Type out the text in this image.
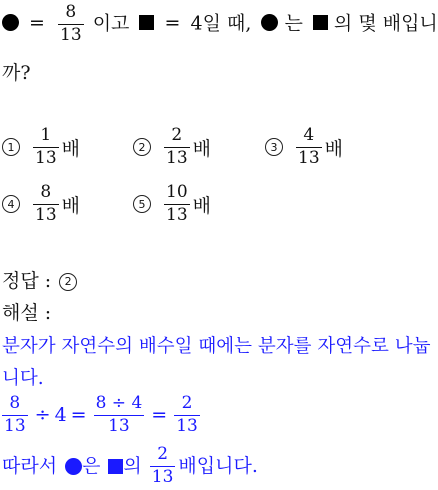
= $\frac{8}{13}$ 이고 = 4일 때, 는 의 몇 배입니
까?
1	$\frac{1}{13}$ 배	2	$\frac{2}{13}$ 배	3	$\frac{4}{13}$ 배
4	$\frac{8}{13}$ 배	5	$\frac{10}{13}$ 배
정답 :	2
해설 :
분자가 자연수의 배수일 때에는 분자를 자연수로 나눕
니다.
$\frac{8}{13} \div 4 = \frac{8 \div 4}{13} = \frac{2}{13}$
따라서 은 의 $\frac{2}{13}$ 배입니다.
